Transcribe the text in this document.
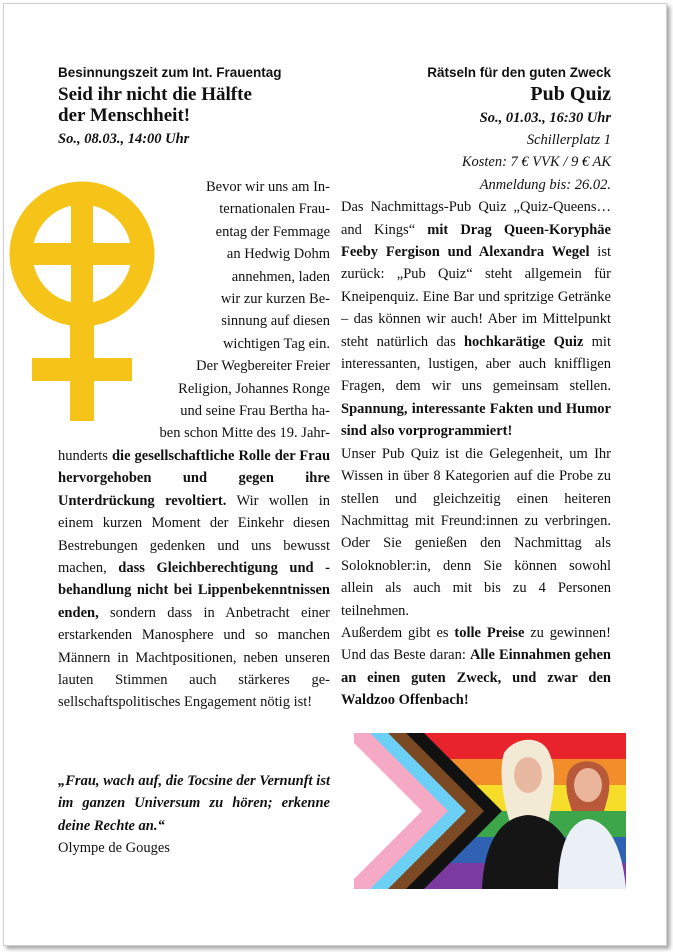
Besinnungszeit zum Int. Frauentag
Seid ihr nicht die Hälfte
der Menschheit!
So., 08.03., 14:00 Uhr
Bevor wir uns am In-
ternationalen Frau-
entag der Femmage
an Hedwig Dohm
annehmen, laden
wir zur kurzen Be-
sinnung auf diesen
wichtigen Tag ein.
Der Wegbereiter Freier
Religion, Johannes Ronge
und seine Frau Bertha ha-
ben schon Mitte des 19. Jahr-
hunderts die gesellschaftliche Rolle der Frau hervorgehoben und gegen ihre Unterdrückung revoltiert. Wir wollen in einem kurzen Moment der Einkehr diesen Bestrebungen gedenken und uns bewusst machen, dass Gleichberechtigung und -behandlung nicht bei Lippenbekenntnissen enden, sondern dass in Anbetracht einer erstarkenden Manosphere und so manchen Männern in Machtpositionen, neben unseren lauten Stimmen auch stärkeres gesellschaftspolitisches Engagement nötig ist!
„Frau, wach auf, die Tocsine der Vernunft ist im ganzen Universum zu hören; erkenne deine Rechte an.“
Olympe de Gouges
Rätseln für den guten Zweck
Pub Quiz
So., 01.03., 16:30 Uhr
Schillerplatz 1
Kosten: 7 € VVK / 9 € AK
Anmeldung bis: 26.02.
Das Nachmittags-Pub Quiz „Quiz-Queens… and Kings“ mit Drag Queen-Koryphäe Feeby Fergison und Alexandra Wegel ist zurück: „Pub Quiz“ steht allgemein für Kneipenquiz. Eine Bar und spritzige Getränke – das können wir auch! Aber im Mittelpunkt steht natürlich das hochkarätige Quiz mit interessanten, lustigen, aber auch kniffligen Fragen, dem wir uns gemeinsam stellen. Spannung, interessante Fakten und Humor sind also vorprogrammiert!
Unser Pub Quiz ist die Gelegenheit, um Ihr Wissen in über 8 Kategorien auf die Probe zu stellen und gleichzeitig einen heiteren Nachmittag mit Freund:innen zu verbringen. Oder Sie genießen den Nachmittag als Soloknobler:in, denn Sie können sowohl allein als auch mit bis zu 4 Personen teilnehmen.
Außerdem gibt es tolle Preise zu gewinnen! Und das Beste daran: Alle Einnahmen gehen an einen guten Zweck, und zwar den Waldzoo Offenbach!
